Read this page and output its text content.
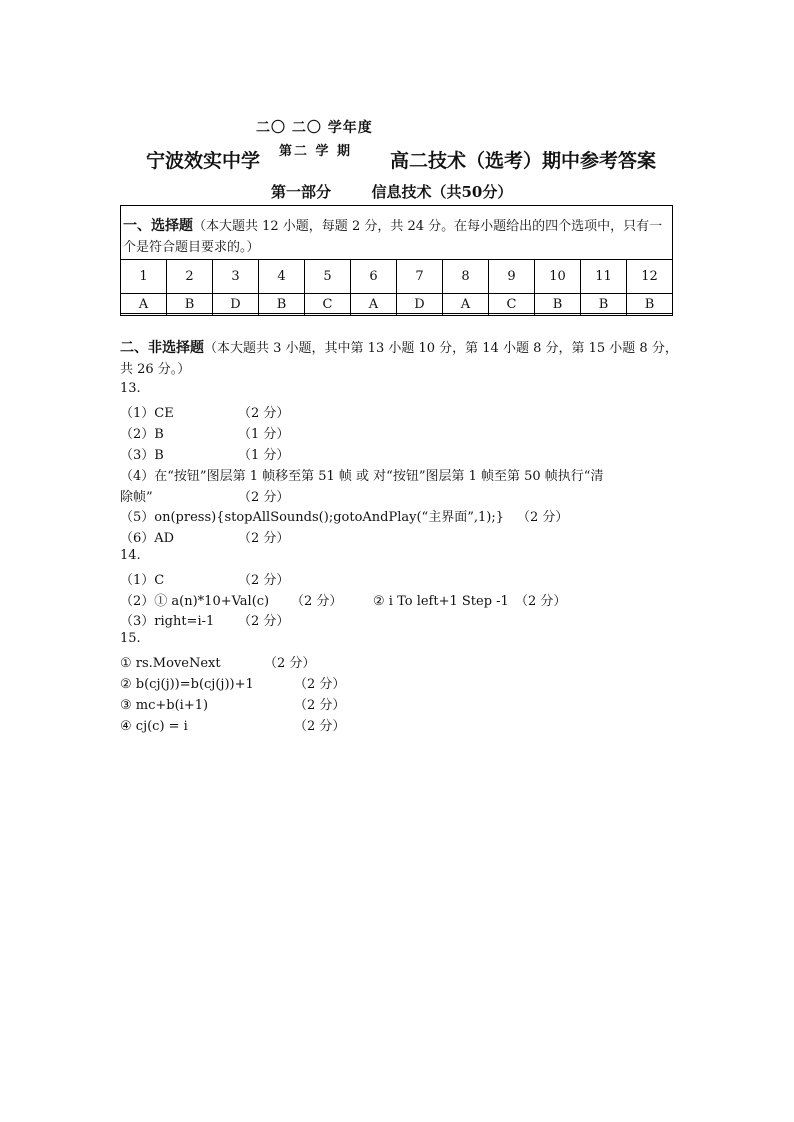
二〇 二〇 学年度
宁波效实中学 第二 学 期 高二技术（选考）期中参考答案
第一部分	信息技术（共50分）
一、选择题（本大题共 12 小题，每题 2 分，共 24 分。在每小题给出的四个选项中，只有一个是符合题目要求的。）
1	2	3	4	5	6	7	8	9	10	11	12
A	B	D	B	C	A	D	A	C	B	B	B
二、非选择题（本大题共 3 小题，其中第 13 小题 10 分，第 14 小题 8 分，第 15 小题 8 分，共 26 分。）
13.
（1）CE	（2 分）
（2）B	（1 分）
（3）B	（1 分）
（4）在“按钮”图层第 1 帧移至第 51 帧 或 对“按钮”图层第 1 帧至第 50 帧执行“清
除帧”	（2 分）
（5）on(press){stopAllSounds();gotoAndPlay(“主界面”,1);} （2 分）
（6）AD	（2 分）
14.
（1）C	（2 分）
（2）① a(n)*10+Val(c) （2 分） ② i To left+1 Step -1 （2 分）
（3）right=i-1 （2 分）
15.
① rs.MoveNext	（2 分）
② b(cj(j))=b(cj(j))+1	（2 分）
③ mc+b(i+1)	（2 分）
④ cj(c) = i	（2 分）
